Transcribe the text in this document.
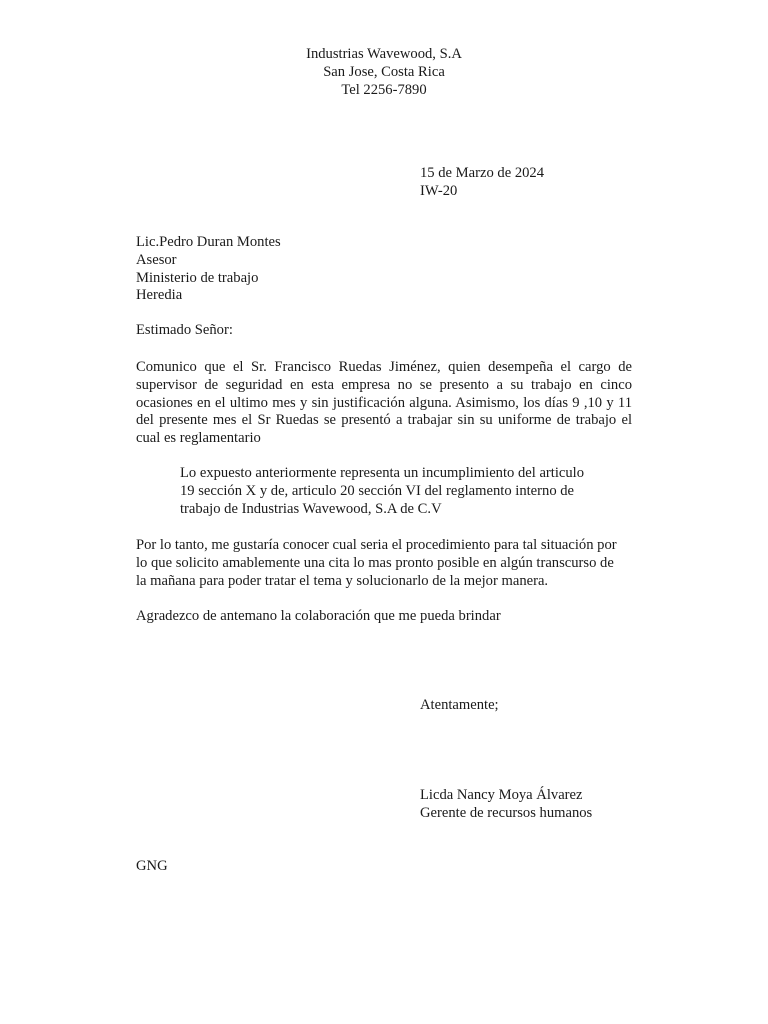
Industrias Wavewood, S.A
San Jose, Costa Rica
Tel 2256-7890
15 de Marzo de 2024
IW-20
Lic.Pedro Duran Montes
Asesor
Ministerio de trabajo
Heredia
Estimado Señor:

Comunico que el Sr. Francisco Ruedas Jiménez, quien desempeña el cargo de supervisor de seguridad en esta empresa no se presento a su trabajo en cinco ocasiones en el ultimo mes y sin justificación alguna. Asimismo, los días 9 ,10 y 11 del presente mes el Sr Ruedas se presentó a trabajar sin su uniforme de trabajo el cual es reglamentario

Lo expuesto anteriormente representa un incumplimiento del articulo
19 sección X y de, articulo 20 sección VI del reglamento interno de
trabajo de Industrias Wavewood, S.A de C.V

Por lo tanto, me gustaría conocer cual seria el procedimiento para tal situación por
lo que solicito amablemente una cita lo mas pronto posible en algún transcurso de
la mañana para poder tratar el tema y solucionarlo de la mejor manera.

Agradezco de antemano la colaboración que me pueda brindar
Atentamente;
Licda Nancy Moya Álvarez
Gerente de recursos humanos
GNG
